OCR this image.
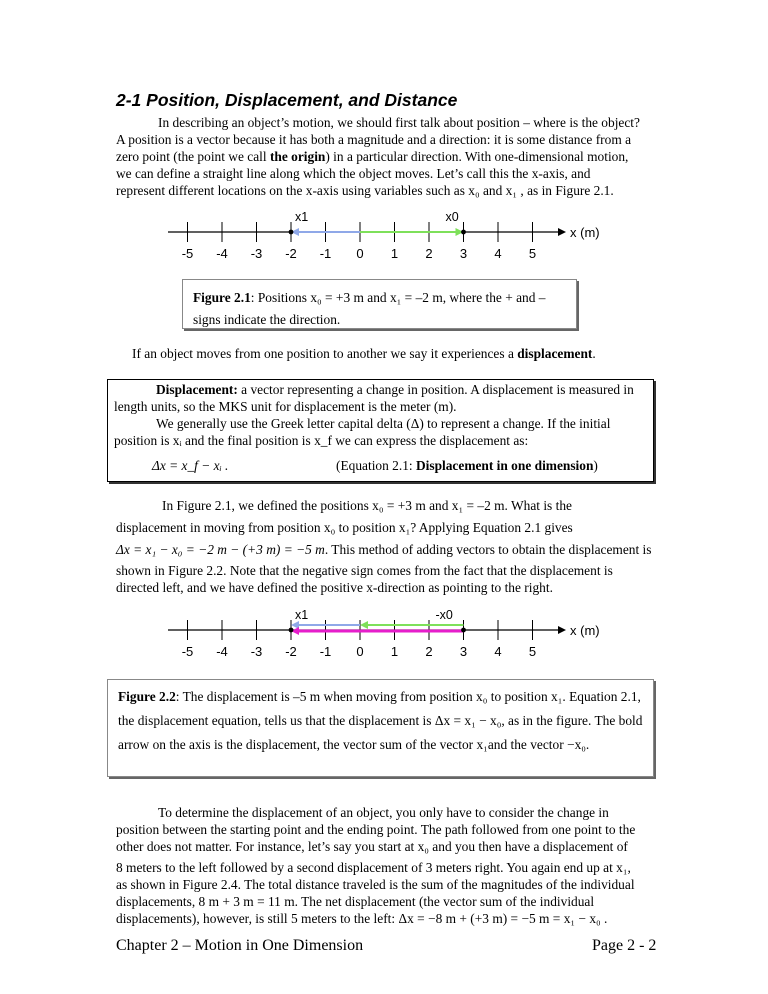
2-1 Position, Displacement, and Distance
In describing an object’s motion, we should first talk about position – where is the object?
A position is a vector because it has both a magnitude and a direction: it is some distance from a
zero point (the point we call the origin) in a particular direction. With one-dimensional motion,
we can define a straight line along which the object moves. Let’s call this the x-axis, and
represent different locations on the x-axis using variables such as x₀ and x₁ , as in Figure 2.1.
-5 -4 -3 -2 -1 0 1 2 3 4 5
x (m)
x1	x0
Figure 2.1: Positions x₀ = +3 m and x₁ = –2 m, where the + and –
signs indicate the direction.
If an object moves from one position to another we say it experiences a displacement.
Displacement: a vector representing a change in position. A displacement is measured in
length units, so the MKS unit for displacement is the meter (m).
We generally use the Greek letter capital delta (Δ) to represent a change. If the initial
position is xᵢ and the final position is x_f we can express the displacement as:
Δx = x_f − xᵢ .	(Equation 2.1: Displacement in one dimension)
In Figure 2.1, we defined the positions x₀ = +3 m and x₁ = –2 m. What is the
displacement in moving from position x₀ to position x₁? Applying Equation 2.1 gives
Δx = x₁ − x₀ = −2 m − (+3 m) = −5 m. This method of adding vectors to obtain the displacement is
shown in Figure 2.2. Note that the negative sign comes from the fact that the displacement is
directed left, and we have defined the positive x-direction as pointing to the right.
-5 -4 -3 -2 -1 0 1 2 3 4 5
x (m)
x1	-x0
Figure 2.2: The displacement is –5 m when moving from position x₀ to position x₁. Equation 2.1,
the displacement equation, tells us that the displacement is Δx = x₁ − x₀, as in the figure. The bold
arrow on the axis is the displacement, the vector sum of the vector x₁and the vector −x₀.
To determine the displacement of an object, you only have to consider the change in
position between the starting point and the ending point. The path followed from one point to the
other does not matter. For instance, let’s say you start at x₀ and you then have a displacement of
8 meters to the left followed by a second displacement of 3 meters right. You again end up at x₁,
as shown in Figure 2.4. The total distance traveled is the sum of the magnitudes of the individual
displacements, 8 m + 3 m = 11 m. The net displacement (the vector sum of the individual
displacements), however, is still 5 meters to the left: Δx = −8 m + (+3 m) = −5 m = x₁ − x₀ .
Chapter 2 – Motion in One Dimension	Page 2 - 2
